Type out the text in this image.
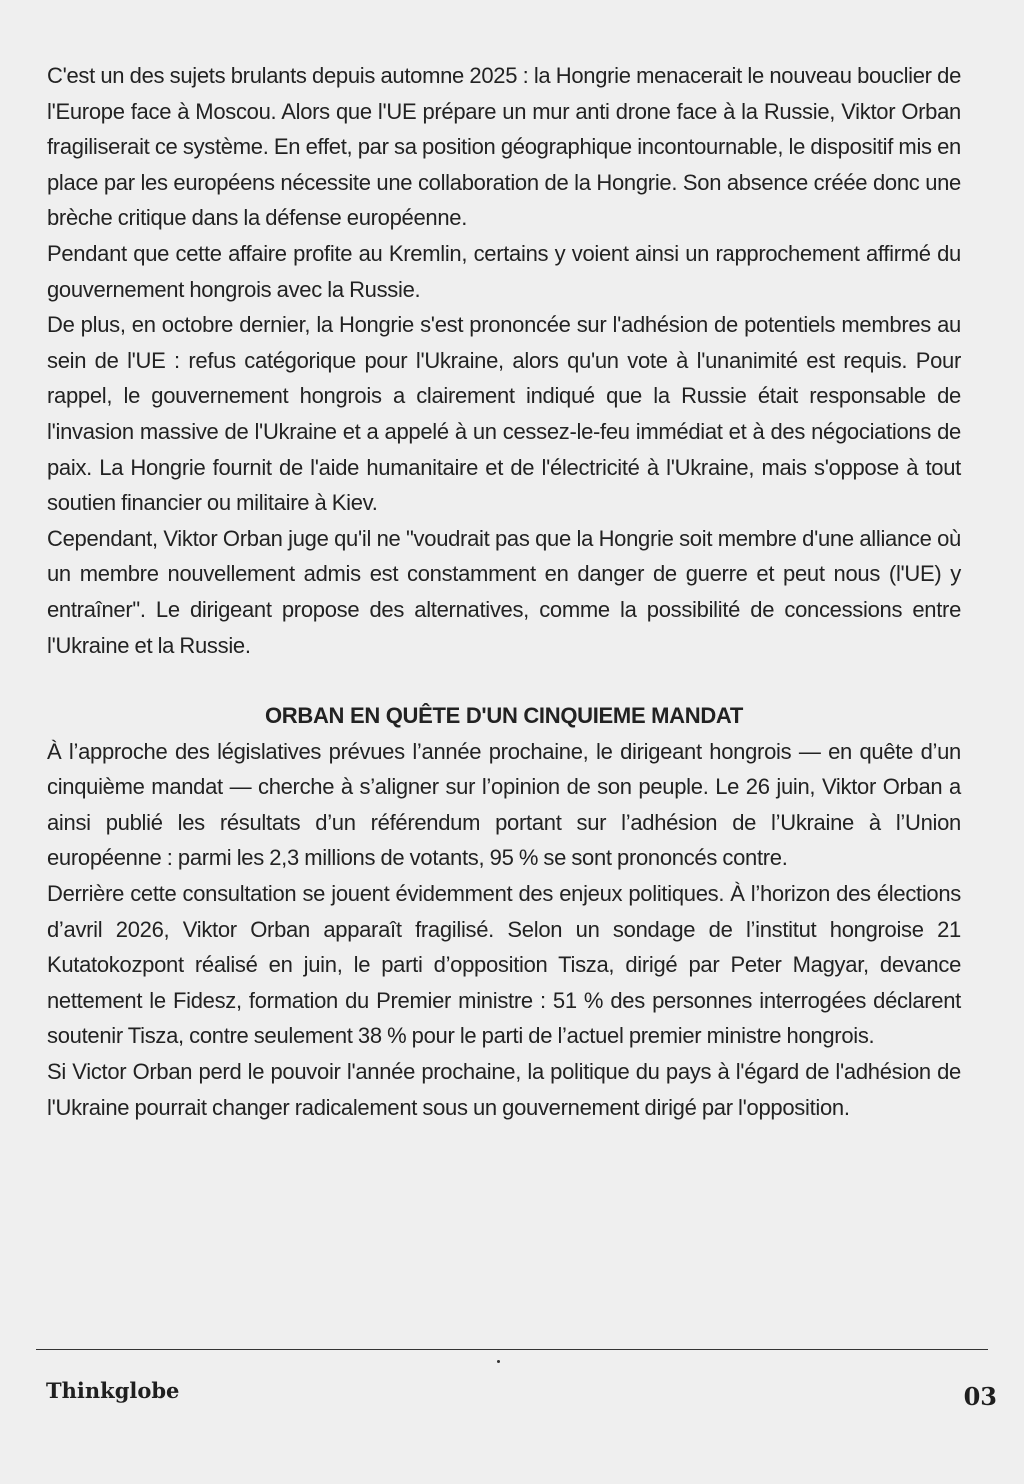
C'est un des sujets brulants depuis automne 2025 : la Hongrie menacerait le nouveau bouclier de l'Europe face à Moscou. Alors que l'UE prépare un mur anti drone face à la Russie, Viktor Orban fragiliserait ce système. En effet, par sa position géographique incontournable, le dispositif mis en place par les européens nécessite une collaboration de la Hongrie. Son absence créée donc une brèche critique dans la défense européenne.

Pendant que cette affaire profite au Kremlin, certains y voient ainsi un rapprochement affirmé du gouvernement hongrois avec la Russie.

De plus, en octobre dernier, la Hongrie s'est prononcée sur l'adhésion de potentiels membres au sein de l'UE : refus catégorique pour l'Ukraine, alors qu'un vote à l'unanimité est requis. Pour rappel, le gouvernement hongrois a clairement indiqué que la Russie était responsable de l'invasion massive de l'Ukraine et a appelé à un cessez-le-feu immédiat et à des négociations de paix. La Hongrie fournit de l'aide humanitaire et de l'électricité à l'Ukraine, mais s'oppose à tout soutien financier ou militaire à Kiev.

Cependant, Viktor Orban juge qu'il ne "voudrait pas que la Hongrie soit membre d'une alliance où un membre nouvellement admis est constamment en danger de guerre et peut nous (l'UE) y entraîner". Le dirigeant propose des alternatives, comme la possibilité de concessions entre l'Ukraine et la Russie.

ORBAN EN QUÊTE D'UN CINQUIEME MANDAT

À l’approche des législatives prévues l’année prochaine, le dirigeant hongrois — en quête d’un cinquième mandat — cherche à s’aligner sur l’opinion de son peuple. Le 26 juin, Viktor Orban a ainsi publié les résultats d’un référendum portant sur l’adhésion de l’Ukraine à l’Union européenne : parmi les 2,3 millions de votants, 95 % se sont prononcés contre.

Derrière cette consultation se jouent évidemment des enjeux politiques. À l’horizon des élections d’avril 2026, Viktor Orban apparaît fragilisé. Selon un sondage de l’institut hongroise 21 Kutatokozpont réalisé en juin, le parti d’opposition Tisza, dirigé par Peter Magyar, devance nettement le Fidesz, formation du Premier ministre : 51 % des personnes interrogées déclarent soutenir Tisza, contre seulement 38 % pour le parti de l’actuel premier ministre hongrois.

Si Victor Orban perd le pouvoir l'année prochaine, la politique du pays à l'égard de l'adhésion de l'Ukraine pourrait changer radicalement sous un gouvernement dirigé par l'opposition.

Thinkglobe	03
